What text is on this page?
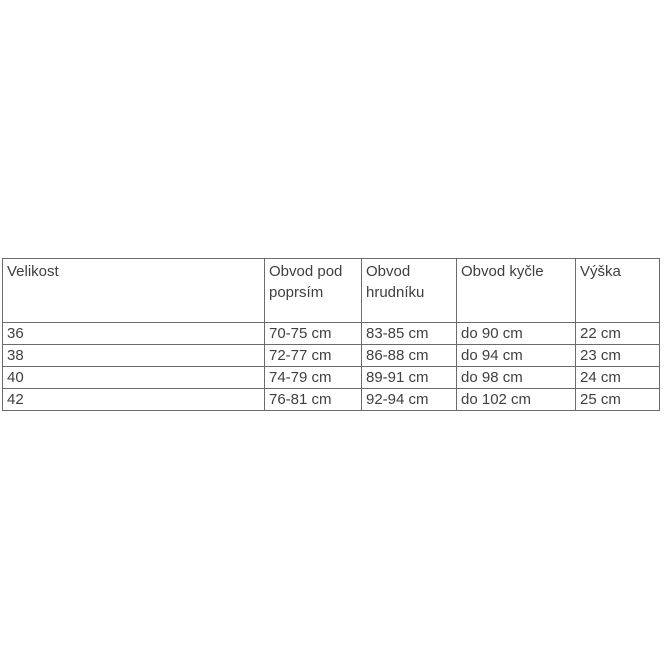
Velikost	Obvod pod poprsím	Obvod hrudníku	Obvod kyčle	Výška
36	70-75 cm	83-85 cm	do 90 cm	22 cm
38	72-77 cm	86-88 cm	do 94 cm	23 cm
40	74-79 cm	89-91 cm	do 98 cm	24 cm
42	76-81 cm	92-94 cm	do 102 cm	25 cm
